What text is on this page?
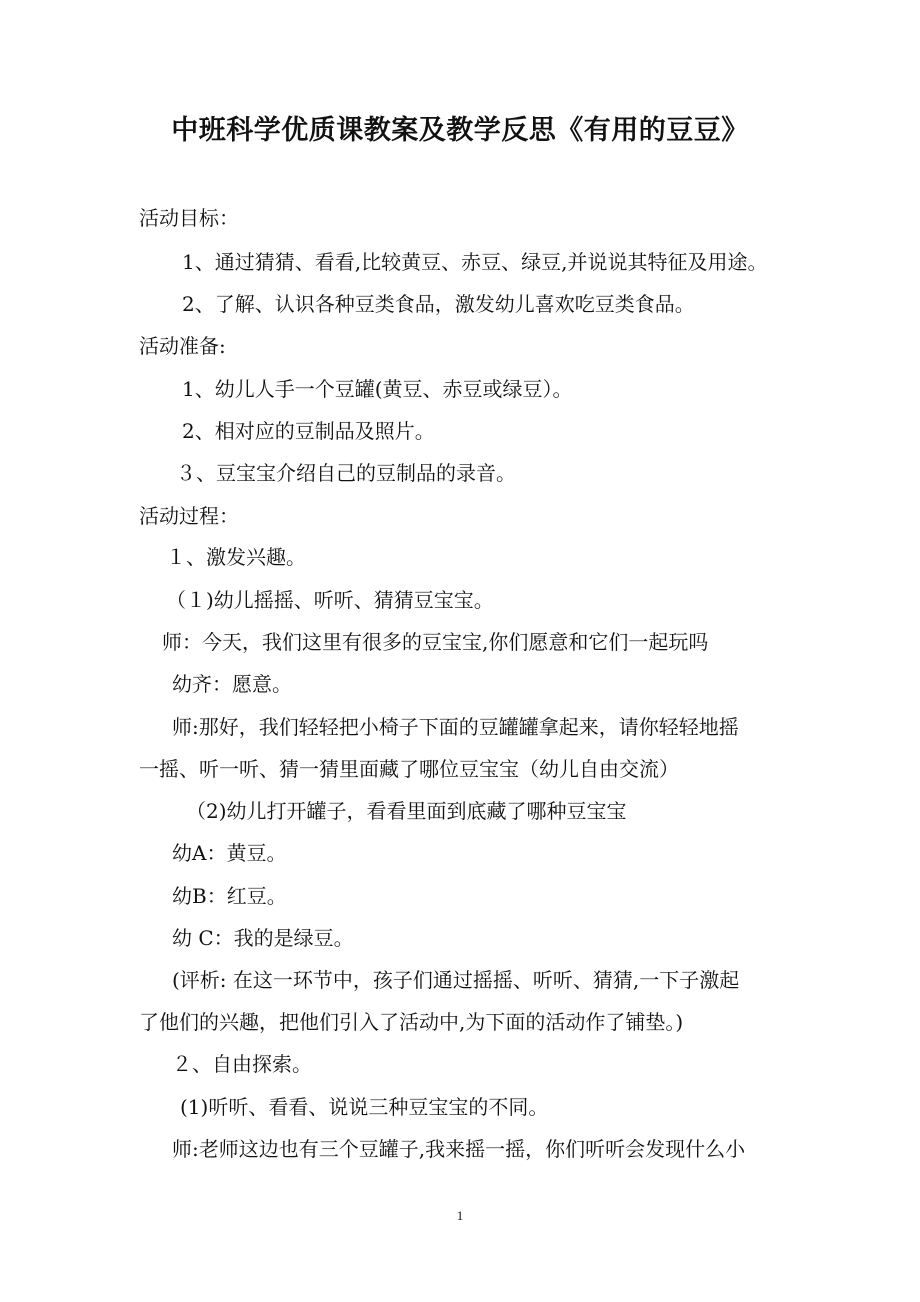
中班科学优质课教案及教学反思《有用的豆豆》
活动目标：
1、通过猜猜、看看,比较黄豆、赤豆、绿豆,并说说其特征及用途。
2、了解、认识各种豆类食品，激发幼儿喜欢吃豆类食品。
活动准备:
1、幼儿人手一个豆罐(黄豆、赤豆或绿豆）。
2、相对应的豆制品及照片。
３、豆宝宝介绍自己的豆制品的录音。
活动过程：
１、激发兴趣。
（１)幼儿摇摇、听听、猜猜豆宝宝。
师：今天，我们这里有很多的豆宝宝,你们愿意和它们一起玩吗
幼齐：愿意。
师:那好，我们轻轻把小椅子下面的豆罐罐拿起来，请你轻轻地摇
一摇、听一听、猜一猜里面藏了哪位豆宝宝（幼儿自由交流）
（2)幼儿打开罐子，看看里面到底藏了哪种豆宝宝
幼A：黄豆。
幼B：红豆。
幼 C：我的是绿豆。
(评析: 在这一环节中，孩子们通过摇摇、听听、猜猜,一下子激起
了他们的兴趣，把他们引入了活动中,为下面的活动作了铺垫。)
２、自由探索。
(1)听听、看看、说说三种豆宝宝的不同。
师:老师这边也有三个豆罐子,我来摇一摇，你们听听会发现什么小
1
